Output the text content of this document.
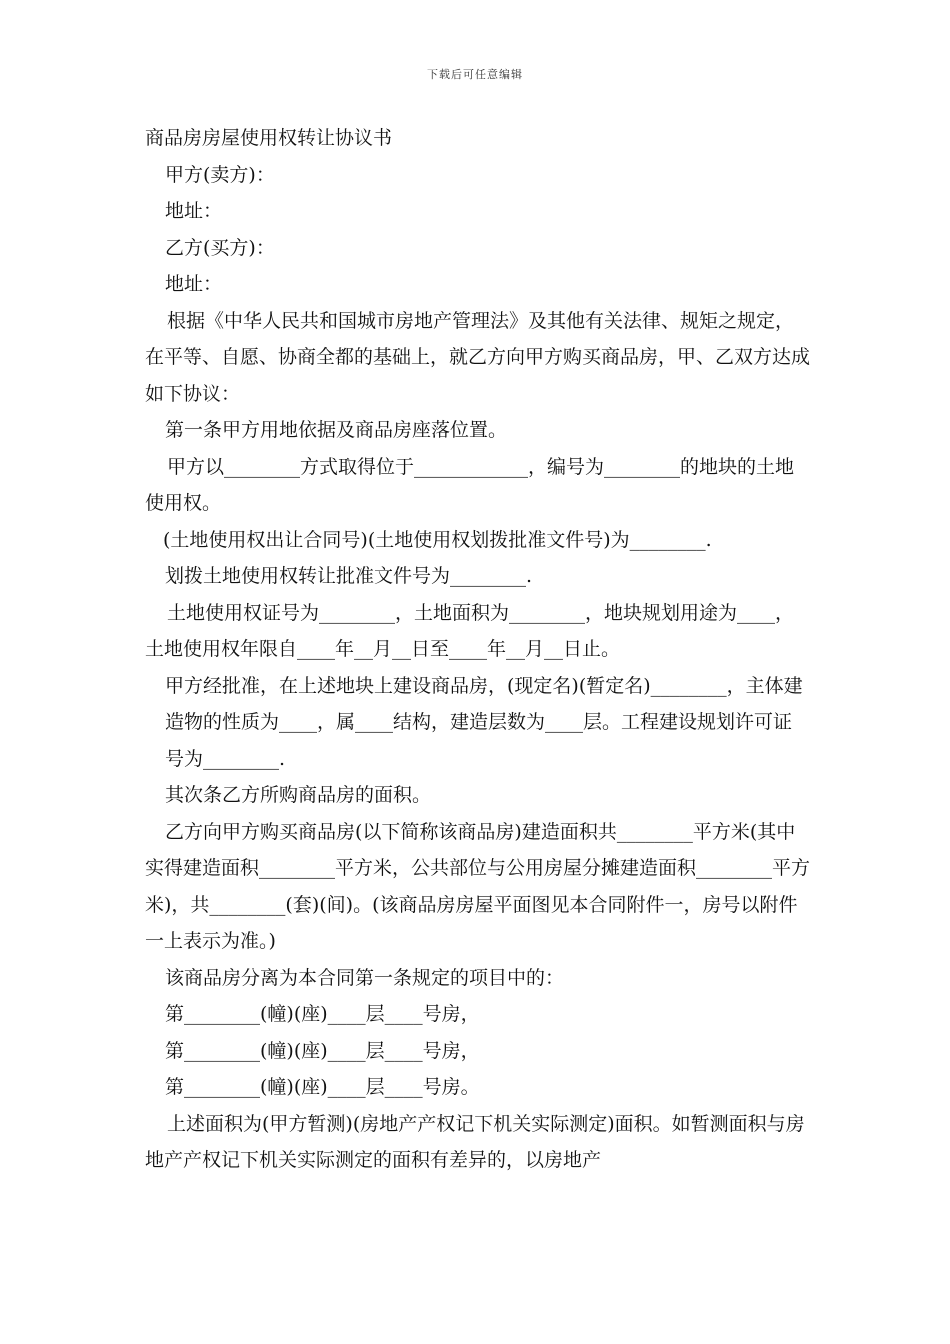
下载后可任意编辑

商品房房屋使用权转让协议书

甲方(卖方)：

地址：

乙方(买方)：

地址：

根据《中华人民共和国城市房地产管理法》及其他有关法律、规矩之规定，在平等、自愿、协商全都的基础上，就乙方向甲方购买商品房，甲、乙双方达成如下协议：

第一条甲方用地依据及商品房座落位置。

甲方以________方式取得位于____________，编号为________的地块的土地使用权。

(土地使用权出让合同号)(土地使用权划拨批准文件号)为________.

划拨土地使用权转让批准文件号为________.

土地使用权证号为________，土地面积为________，地块规划用途为____，土地使用权年限自____年__月__日至____年__月__日止。

甲方经批准，在上述地块上建设商品房，(现定名)(暂定名)________，主体建造物的性质为____，属____结构，建造层数为____层。工程建设规划许可证号为________.

其次条乙方所购商品房的面积。

乙方向甲方购买商品房(以下简称该商品房)建造面积共________平方米(其中实得建造面积________平方米，公共部位与公用房屋分摊建造面积________平方米)，共________(套)(间)。(该商品房房屋平面图见本合同附件一，房号以附件一上表示为准。)

该商品房分离为本合同第一条规定的项目中的：

第________(幢)(座)____层____号房，

第________(幢)(座)____层____号房，

第________(幢)(座)____层____号房。

上述面积为(甲方暂测)(房地产产权记下机关实际测定)面积。如暂测面积与房地产产权记下机关实际测定的面积有差异的，以房地产
